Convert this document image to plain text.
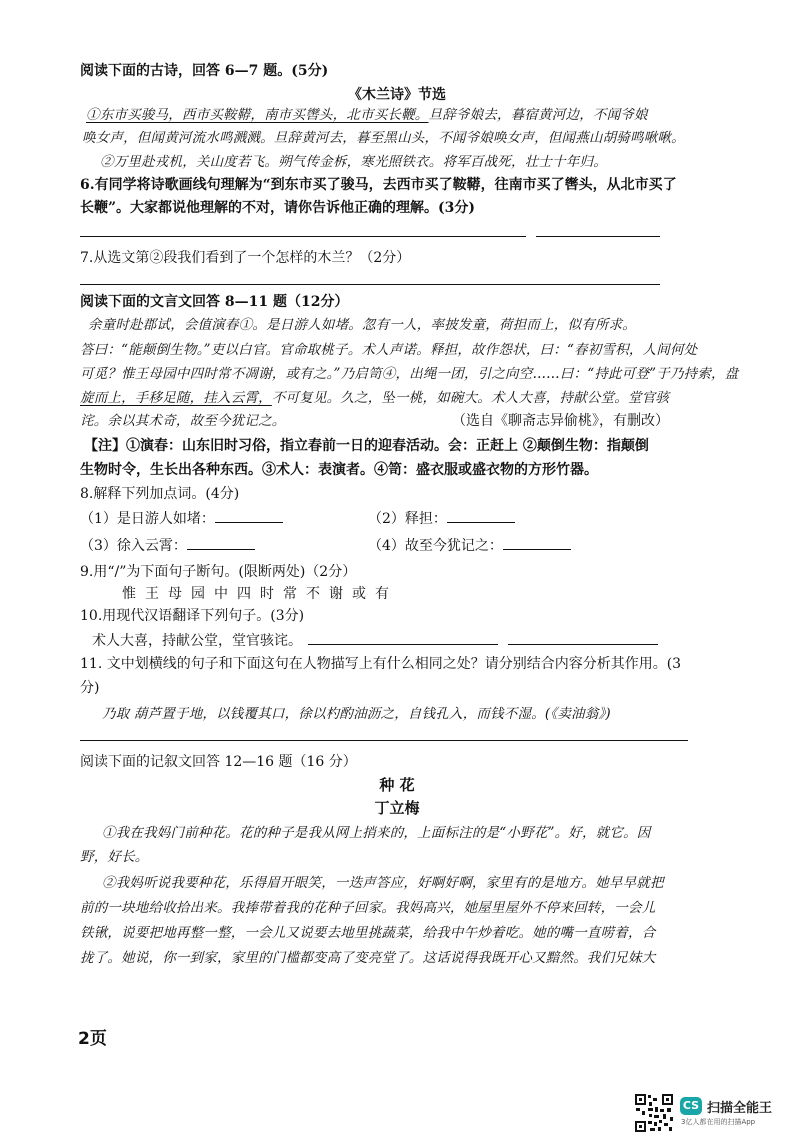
阅读下面的古诗，回答 6—7 题。(5分)
《木兰诗》节选
①东市买骏马，西市买鞍鞯，南市买辔头，北市买长鞭。旦辞爷娘去，暮宿黄河边，不闻爷娘
唤女声，但闻黄河流水鸣溅溅。旦辞黄河去，暮至黑山头，不闻爷娘唤女声，但闻燕山胡骑鸣啾啾。
②万里赴戎机，关山度若飞。朔气传金柝，寒光照铁衣。将军百战死，壮士十年归。
6.有同学将诗歌画线句理解为“到东市买了骏马，去西市买了鞍鞯，往南市买了辔头，从北市买了
长鞭”。大家都说他理解的不对，请你告诉他正确的理解。(3分)
7.从选文第②段我们看到了一个怎样的木兰？（2分）
阅读下面的文言文回答 8—11 题（12分）
余童时赴郡试，会值演春①。是日游人如堵。忽有一人，率披发童，荷担而上，似有所求。
答曰：“能颠倒生物。”吏以白官。官命取桃子。术人声诺。释担，故作怨状，曰：“春初雪积，人间何处
可觅？惟王母园中四时常不凋谢，或有之。”乃启笥④，出绳一团，引之向空……曰：“持此可登”于乃持索，盘
旋而上，手移足随，挂入云霄，不可复见。久之，坠一桃，如碗大。术人大喜，持献公堂。堂官骇
诧。余以其术奇，故至今犹记之。	（选自《聊斋志异偷桃》，有删改）
【注】①演春：山东旧时习俗，指立春前一日的迎春活动。会：正赶上 ②颠倒生物：指颠倒
生物时令，生长出各种东西。③术人：表演者。④笥：盛衣服或盛衣物的方形竹器。
8.解释下列加点词。(4分)
（1）是日游人如堵：	（2）释担：
（3）徐入云霄：	（4）故至今犹记之：
9.用“/”为下面句子断句。(限断两处)（2分）
惟王母园中四时常不谢或有
10.用现代汉语翻译下列句子。(3分)
术人大喜，持献公堂，堂官骇诧。
11. 文中划横线的句子和下面这句在人物描写上有什么相同之处？请分别结合内容分析其作用。(3
分)
乃取 葫芦置于地，以钱覆其口，徐以杓酌油沥之，自钱孔入，而钱不湿。(《卖油翁》)
阅读下面的记叙文回答 12—16 题（16 分）
种 花
丁立梅
①我在我妈门前种花。花的种子是我从网上捎来的，上面标注的是“小野花”。好，就它。因
野，好长。
②我妈听说我要种花，乐得眉开眼笑，一迭声答应，好啊好啊，家里有的是地方。她早早就把
前的一块地给收拾出来。我捧带着我的花种子回家。我妈高兴，她屋里屋外不停来回转，一会儿
铁锹，说要把地再整一整，一会儿又说要去地里挑蔬菜，给我中午炒着吃。她的嘴一直唠着，合
拢了。她说，你一到家，家里的门槛都变高了变亮堂了。这话说得我既开心又黯然。我们兄妹大
2页
CS 扫描全能王
3亿人都在用的扫描App
